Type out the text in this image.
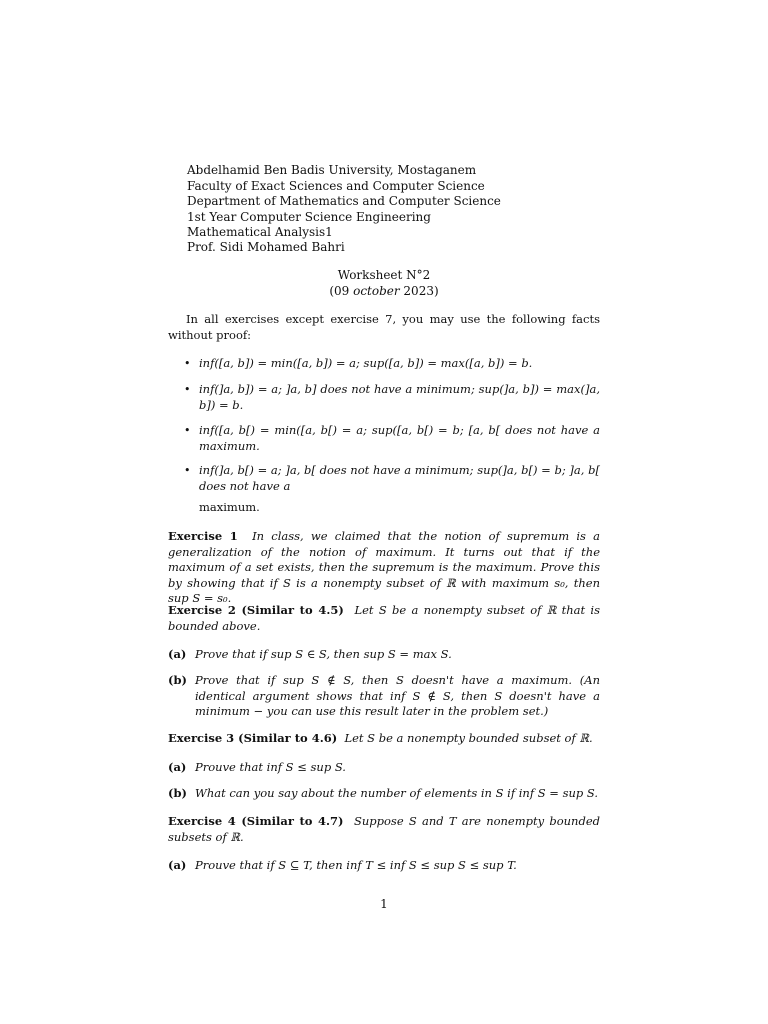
Abdelhamid Ben Badis University, Mostaganem
Faculty of Exact Sciences and Computer Science
Department of Mathematics and Computer Science
1st Year Computer Science Engineering
Mathematical Analysis1
Prof. Sidi Mohamed Bahri
Worksheet N°2
(09 october 2023)
In all exercises except exercise 7, you may use the following facts without proof:
• inf([a, b]) = min([a, b]) = a; sup([a, b]) = max([a, b]) = b.
• inf(]a, b]) = a; ]a, b] does not have a minimum; sup(]a, b]) = max(]a, b]) = b.
• inf([a, b[) = min([a, b[) = a; sup([a, b[) = b; [a, b[ does not have a maximum.
• inf(]a, b[) = a; ]a, b[ does not have a minimum; sup(]a, b[) = b; ]a, b[ does not have a
maximum.
Exercise 1 In class, we claimed that the notion of supremum is a generalization of the notion of maximum. It turns out that if the maximum of a set exists, then the supremum is the maximum. Prove this by showing that if S is a nonempty subset of ℝ with maximum s₀, then sup S = s₀.
Exercise 2 (Similar to 4.5) Let S be a nonempty subset of ℝ that is bounded above.
(a) Prove that if sup S ∈ S, then sup S = max S.
(b) Prove that if sup S ∉ S, then S doesn't have a maximum. (An identical argument shows that inf S ∉ S, then S doesn't have a minimum − you can use this result later in the problem set.)
Exercise 3 (Similar to 4.6) Let S be a nonempty bounded subset of ℝ.
(a) Prouve that inf S ≤ sup S.
(b) What can you say about the number of elements in S if inf S = sup S.
Exercise 4 (Similar to 4.7) Suppose S and T are nonempty bounded subsets of ℝ.
(a) Prouve that if S ⊆ T, then inf T ≤ inf S ≤ sup S ≤ sup T.
1
